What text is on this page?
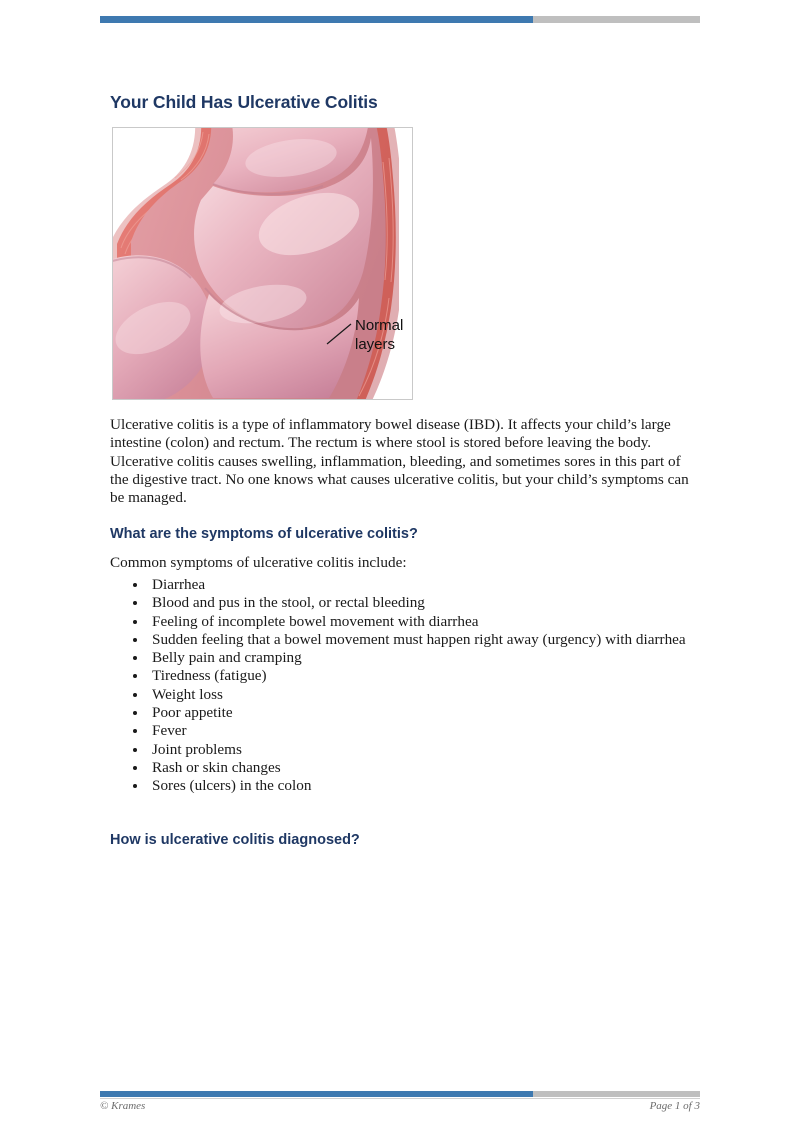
Your Child Has Ulcerative Colitis
Normal
layers

Ulcerative colitis is a type of inflammatory bowel disease (IBD). It affects your child’s large intestine (colon) and rectum. The rectum is where stool is stored before leaving the body. Ulcerative colitis causes swelling, inflammation, bleeding, and sometimes sores in this part of the digestive tract. No one knows what causes ulcerative colitis, but your child’s symptoms can be managed.

What are the symptoms of ulcerative colitis?

Common symptoms of ulcerative colitis include:

• Diarrhea
• Blood and pus in the stool, or rectal bleeding
• Feeling of incomplete bowel movement with diarrhea
• Sudden feeling that a bowel movement must happen right away (urgency) with diarrhea
• Belly pain and cramping
• Tiredness (fatigue)
• Weight loss
• Poor appetite
• Fever
• Joint problems
• Rash or skin changes
• Sores (ulcers) in the colon
How is ulcerative colitis diagnosed?
© Krames	Page 1 of 3
